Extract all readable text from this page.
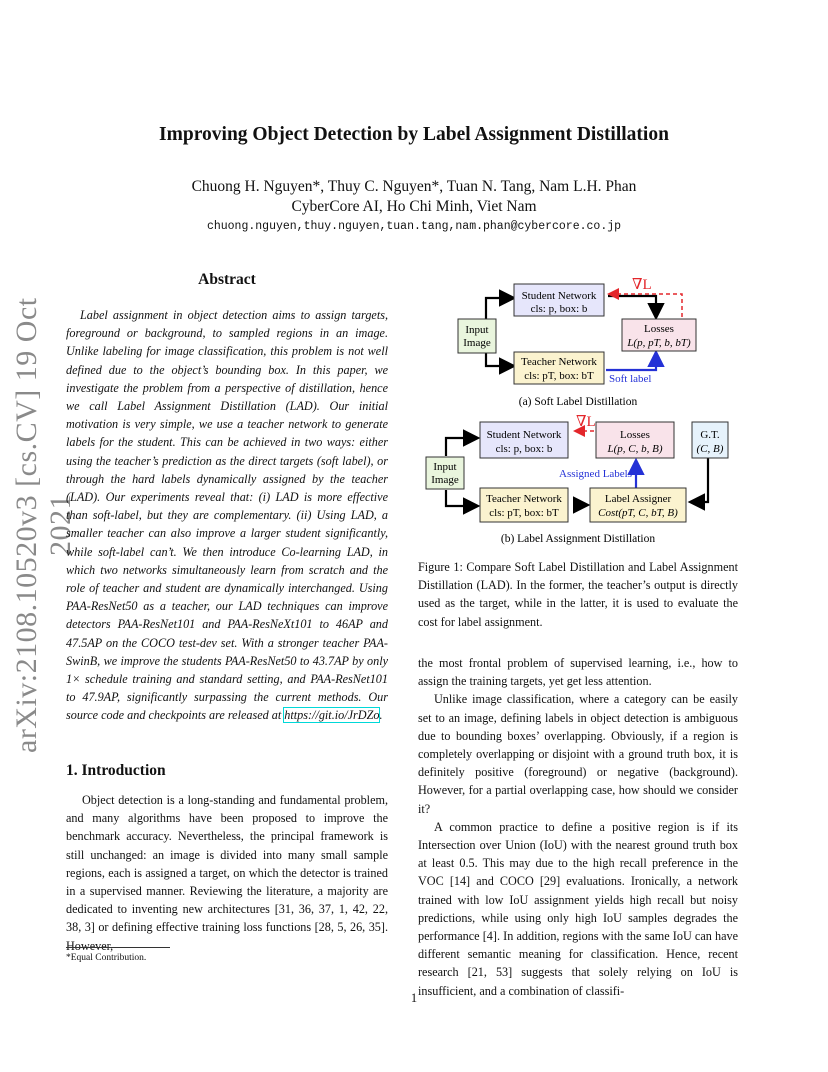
arXiv:2108.10520v3 [cs.CV] 19 Oct 2021
Improving Object Detection by Label Assignment Distillation
Chuong H. Nguyen*, Thuy C. Nguyen*, Tuan N. Tang, Nam L.H. Phan
CyberCore AI, Ho Chi Minh, Viet Nam
chuong.nguyen,thuy.nguyen,tuan.tang,nam.phan@cybercore.co.jp
Abstract

Label assignment in object detection aims to assign targets, foreground or background, to sampled regions in an image. Unlike labeling for image classification, this problem is not well defined due to the object’s bounding box. In this paper, we investigate the problem from a perspective of distillation, hence we call Label Assignment Distillation (LAD). Our initial motivation is very simple, we use a teacher network to generate labels for the student. This can be achieved in two ways: either using the teacher’s prediction as the direct targets (soft label), or through the hard labels dynamically assigned by the teacher (LAD). Our experiments reveal that: (i) LAD is more effective than soft-label, but they are complementary. (ii) Using LAD, a smaller teacher can also improve a larger student significantly, while soft-label can’t. We then introduce Co-learning LAD, in which two networks simultaneously learn from scratch and the role of teacher and student are dynamically interchanged. Using PAA-ResNet50 as a teacher, our LAD techniques can improve detectors PAA-ResNet101 and PAA-ResNeXt101 to 46AP and 47.5AP on the COCO test-dev set. With a stronger teacher PAA-SwinB, we improve the students PAA-ResNet50 to 43.7AP by only 1× schedule training and standard setting, and PAA-ResNet101 to 47.9AP, significantly surpassing the current methods. Our source code and checkpoints are released at https://git.io/JrDZo.

1. Introduction

Object detection is a long-standing and fundamental problem, and many algorithms have been proposed to improve the benchmark accuracy. Nevertheless, the principal framework is still unchanged: an image is divided into many small sample regions, each is assigned a target, on which the detector is trained in a supervised manner. Reviewing the literature, a majority are dedicated to inventing new architectures [31, 36, 37, 1, 42, 22, 38, 3] or defining effective training loss functions [28, 5, 26, 35]. However,

*Equal Contribution.
Input
Image
Student Network
cls: p, box: b
Teacher Network
cls: pT, box: bT
Losses
L(p, pT, b, bT)
∇L
Soft label
(a) Soft Label Distillation
Input
Image
Student Network
cls: p, box: b
Losses
L(p, C, b, B)
G.T.
(C, B)
Teacher Network
cls: pT, box: bT
Label Assigner
Cost(pT, C, bT, B)
∇L
Assigned Labels
(b) Label Assignment Distillation
Figure 1: Compare Soft Label Distillation and Label Assignment Distillation (LAD). In the former, the teacher’s output is directly used as the target, while in the latter, it is used to evaluate the cost for label assignment.

the most frontal problem of supervised learning, i.e., how to assign the training targets, yet get less attention.

Unlike image classification, where a category can be easily set to an image, defining labels in object detection is ambiguous due to bounding boxes’ overlapping. Obviously, if a region is completely overlapping or disjoint with a ground truth box, it is definitely positive (foreground) or negative (background). However, for a partial overlapping case, how should we consider it?

A common practice to define a positive region is if its Intersection over Union (IoU) with the nearest ground truth box at least 0.5. This may due to the high recall preference in the VOC [14] and COCO [29] evaluations. Ironically, a network trained with low IoU assignment yields high recall but noisy predictions, while using only high IoU samples degrades the performance [4]. In addition, regions with the same IoU can have different semantic meaning for classification. Hence, recent research [21, 53] suggests that solely relying on IoU is insufficient, and a combination of classifi-

1
